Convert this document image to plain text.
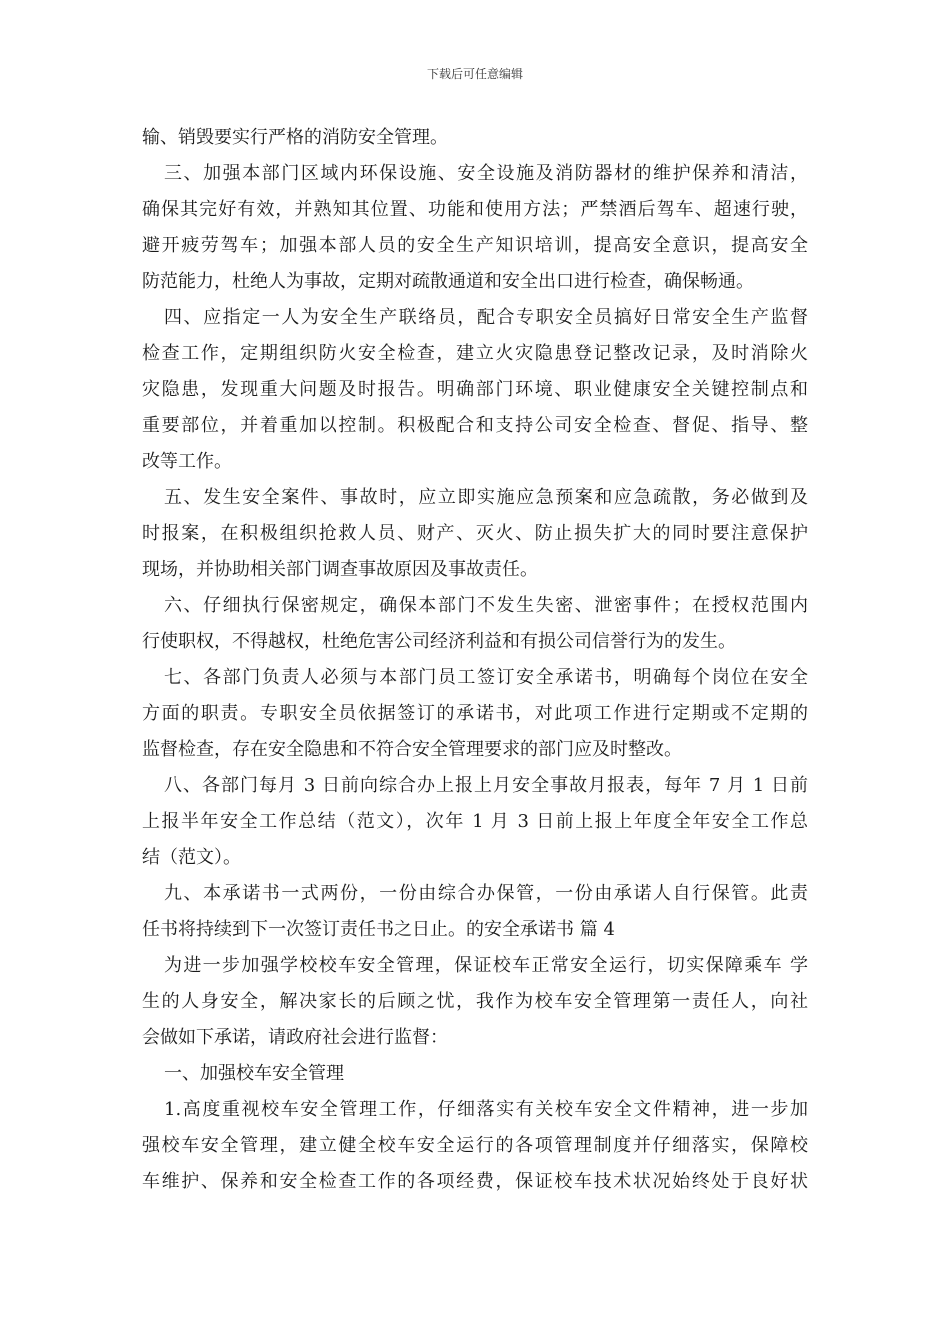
下载后可任意编辑
输、销毁要实行严格的消防安全管理。
三、加强本部门区域内环保设施、安全设施及消防器材的维护保养和清洁，
确保其完好有效，并熟知其位置、功能和使用方法；严禁酒后驾车、超速行驶，
避开疲劳驾车；加强本部人员的安全生产知识培训，提高安全意识，提高安全
防范能力，杜绝人为事故，定期对疏散通道和安全出口进行检查，确保畅通。
四、应指定一人为安全生产联络员，配合专职安全员搞好日常安全生产监督
检查工作，定期组织防火安全检查，建立火灾隐患登记整改记录，及时消除火
灾隐患，发现重大问题及时报告。明确部门环境、职业健康安全关键控制点和
重要部位，并着重加以控制。积极配合和支持公司安全检查、督促、指导、整
改等工作。
五、发生安全案件、事故时，应立即实施应急预案和应急疏散，务必做到及
时报案，在积极组织抢救人员、财产、灭火、防止损失扩大的同时要注意保护
现场，并协助相关部门调查事故原因及事故责任。
六、仔细执行保密规定，确保本部门不发生失密、泄密事件；在授权范围内
行使职权，不得越权，杜绝危害公司经济利益和有损公司信誉行为的发生。
七、各部门负责人必须与本部门员工签订安全承诺书，明确每个岗位在安全
方面的职责。专职安全员依据签订的承诺书，对此项工作进行定期或不定期的
监督检查，存在安全隐患和不符合安全管理要求的部门应及时整改。
八、各部门每月 3 日前向综合办上报上月安全事故月报表，每年 7 月 1 日前
上报半年安全工作总结（范文），次年 1 月 3 日前上报上年度全年安全工作总
结（范文）。
九、本承诺书一式两份，一份由综合办保管，一份由承诺人自行保管。此责
任书将持续到下一次签订责任书之日止。的安全承诺书 篇 4
为进一步加强学校校车安全管理，保证校车正常安全运行，切实保障乘车 学
生的人身安全，解决家长的后顾之忧，我作为校车安全管理第一责任人，向社
会做如下承诺，请政府社会进行监督：
一、加强校车安全管理
1.高度重视校车安全管理工作，仔细落实有关校车安全文件精神，进一步加
强校车安全管理，建立健全校车安全运行的各项管理制度并仔细落实，保障校
车维护、保养和安全检查工作的各项经费，保证校车技术状况始终处于良好状
